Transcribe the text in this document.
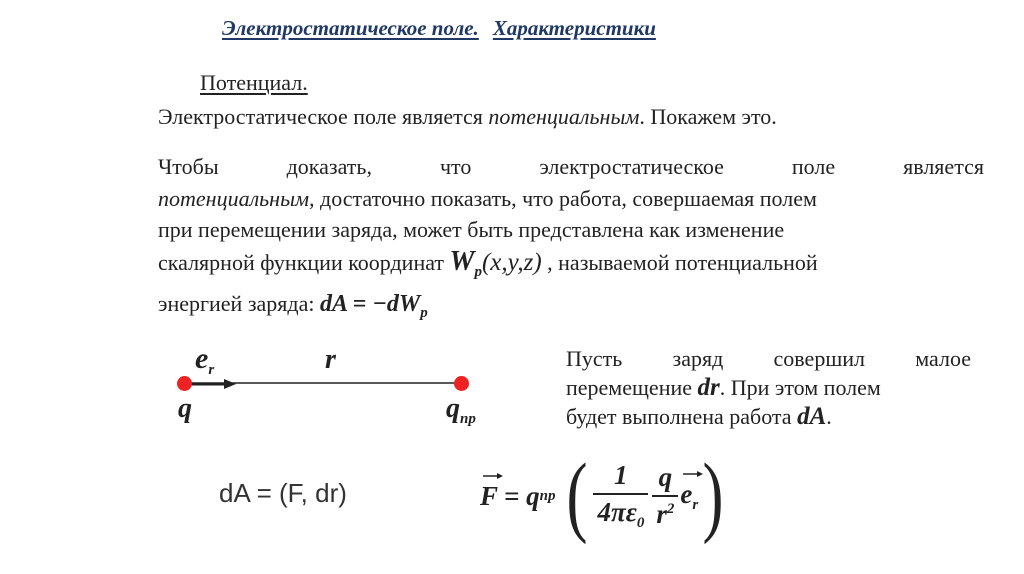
Электростатическое поле. Характеристики
Потенциал.
Электростатическое поле является потенциальным. Покажем это.
Чтобы	доказать,	что	электростатическое	поле	является
потенциальным, достаточно показать, что работа, совершаемая полем
при перемещении заряда, может быть представлена как изменение
скалярной функции координат $W_p(x,y,z)$ , называемой потенциальной
энергией заряда: dA = $-dW_p$
$e_r$	r
q	$q_{пр}$
Пусть заряд совершил малое
перемещение dr. При этом полем
будет выполнена работа dA.
dA = (F, dr)	F = q пр ( $\frac{1}{4\pi\varepsilon_0} \frac{q}{r^2} e_r$ )
